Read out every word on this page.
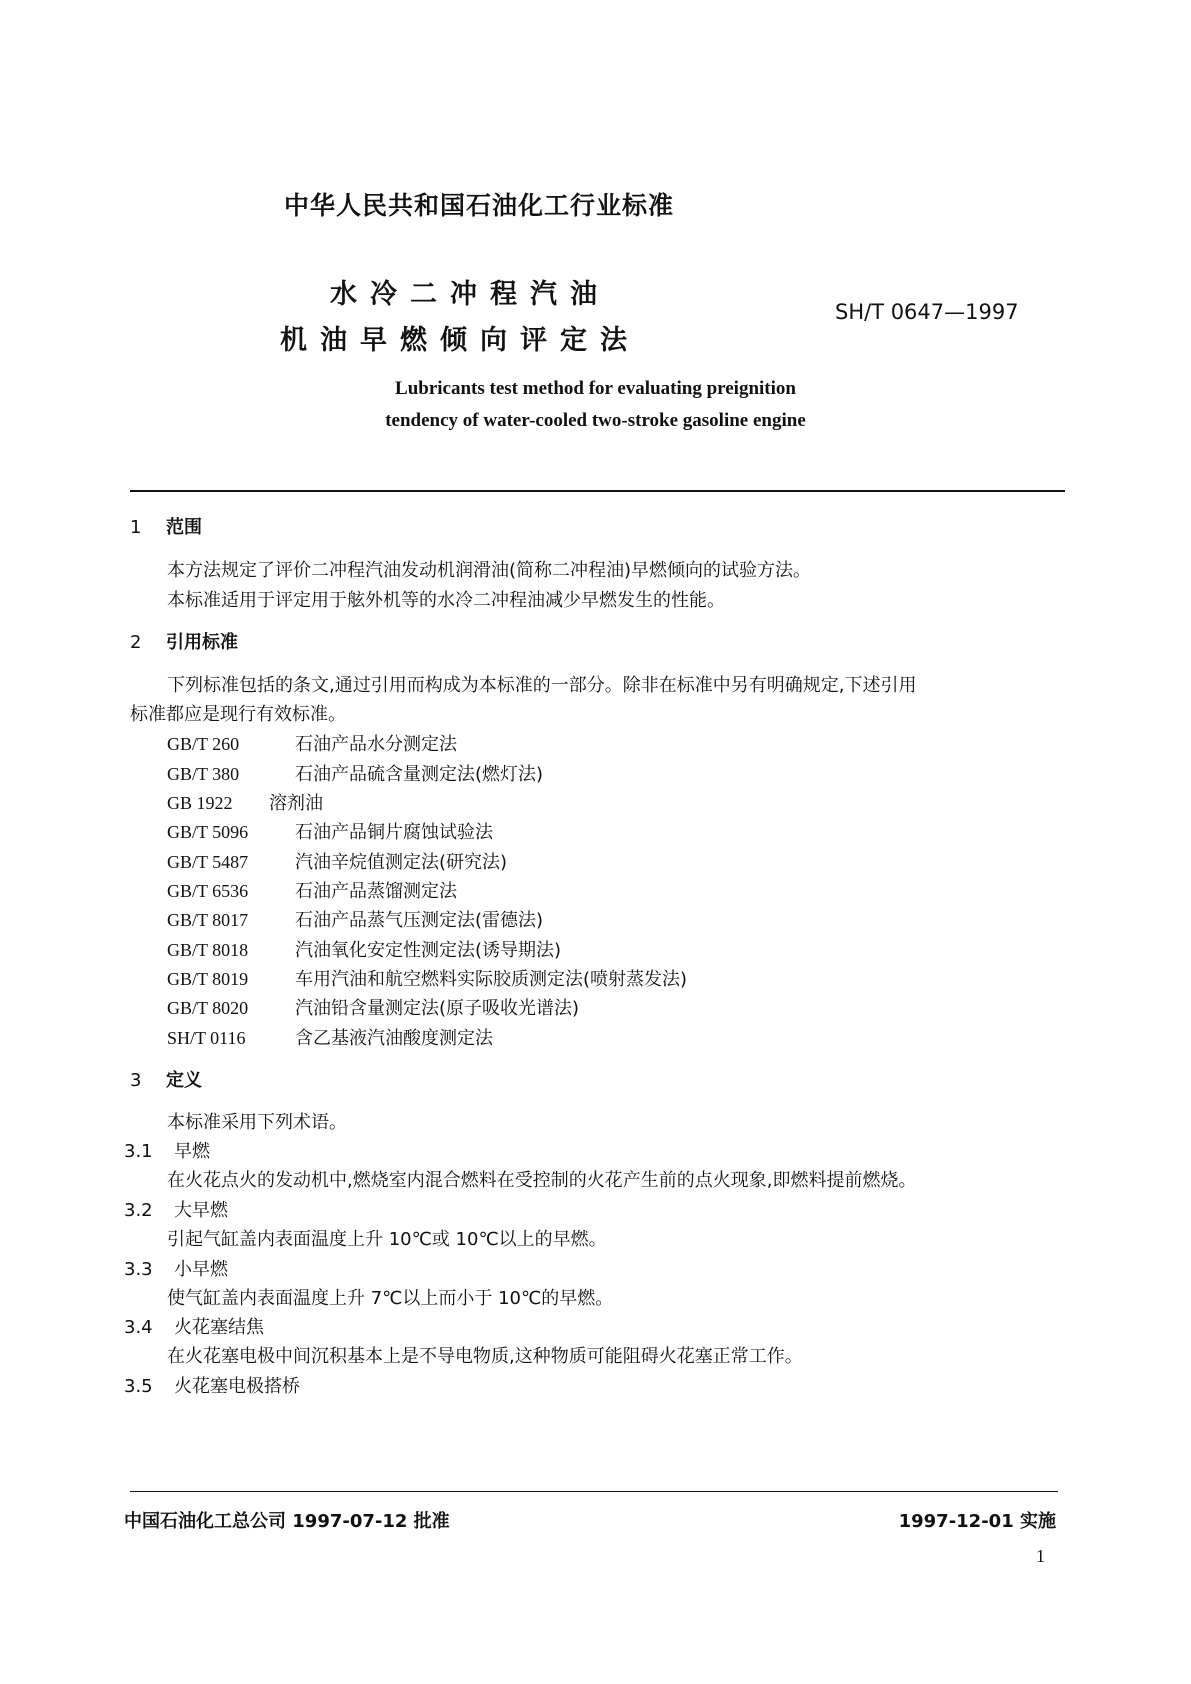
中华人民共和国石油化工行业标准
水冷二冲程汽油
机油早燃倾向评定法
SH/T 0647—1997
Lubricants test method for evaluating preignition
tendency of water-cooled two-stroke gasoline engine
1 范围
本方法规定了评价二冲程汽油发动机润滑油(简称二冲程油)早燃倾向的试验方法。
本标准适用于评定用于舷外机等的水冷二冲程油减少早燃发生的性能。
2 引用标准
下列标准包括的条文,通过引用而构成为本标准的一部分。除非在标准中另有明确规定,下述引用
标准都应是现行有效标准。
GB/T 260	石油产品水分测定法
GB/T 380	石油产品硫含量测定法(燃灯法)
GB 1922 溶剂油
GB/T 5096	石油产品铜片腐蚀试验法
GB/T 5487	汽油辛烷值测定法(研究法)
GB/T 6536	石油产品蒸馏测定法
GB/T 8017	石油产品蒸气压测定法(雷德法)
GB/T 8018	汽油氧化安定性测定法(诱导期法)
GB/T 8019	车用汽油和航空燃料实际胶质测定法(喷射蒸发法)
GB/T 8020	汽油铅含量测定法(原子吸收光谱法)
SH/T 0116	含乙基液汽油酸度测定法
3 定义
本标准采用下列术语。
3.1 早燃
在火花点火的发动机中,燃烧室内混合燃料在受控制的火花产生前的点火现象,即燃料提前燃烧。
3.2 大早燃
引起气缸盖内表面温度上升 10℃或 10℃以上的早燃。
3.3 小早燃
使气缸盖内表面温度上升 7℃以上而小于 10℃的早燃。
3.4 火花塞结焦
在火花塞电极中间沉积基本上是不导电物质,这种物质可能阻碍火花塞正常工作。
3.5 火花塞电极搭桥
中国石油化工总公司 1997-07-12 批准	1997-12-01 实施
1
